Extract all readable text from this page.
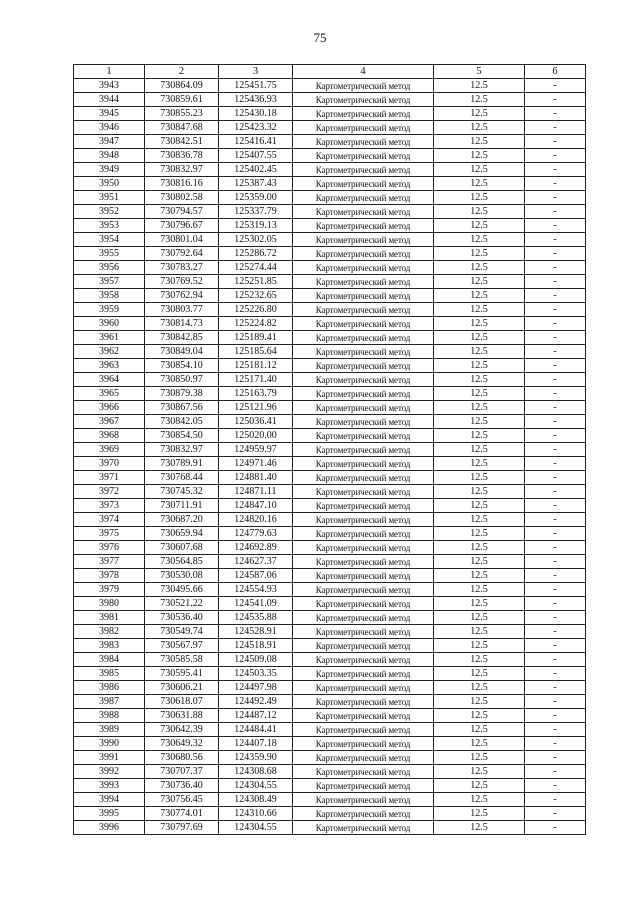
75
1	2	3	4	5	6
3943	730864.09	125451.75	Картометрический метод	12.5	-
3944	730859.61	125436.93	Картометрический метод	12.5	-
3945	730855.23	125430.18	Картометрический метод	12.5	-
3946	730847.68	125423.32	Картометрический метод	12.5	-
3947	730842.51	125416.41	Картометрический метод	12.5	-
3948	730836.78	125407.55	Картометрический метод	12.5	-
3949	730832.97	125402.45	Картометрический метод	12.5	-
3950	730816.16	125387.43	Картометрический метод	12.5	-
3951	730802.58	125359.00	Картометрический метод	12.5	-
3952	730794.57	125337.79	Картометрический метод	12.5	-
3953	730796.67	125319.13	Картометрический метод	12.5	-
3954	730801.04	125302.05	Картометрический метод	12.5	-
3955	730792.64	125286.72	Картометрический метод	12.5	-
3956	730783.27	125274.44	Картометрический метод	12.5	-
3957	730769.52	125251.85	Картометрический метод	12.5	-
3958	730762.94	125232.65	Картометрический метод	12.5	-
3959	730803.77	125226.80	Картометрический метод	12.5	-
3960	730814.73	125224.82	Картометрический метод	12.5	-
3961	730842.85	125189.41	Картометрический метод	12.5	-
3962	730849.04	125185.64	Картометрический метод	12.5	-
3963	730854.10	125181.12	Картометрический метод	12.5	-
3964	730850.97	125171.40	Картометрический метод	12.5	-
3965	730879.38	125163.79	Картометрический метод	12.5	-
3966	730867.56	125121.96	Картометрический метод	12.5	-
3967	730842.05	125036.41	Картометрический метод	12.5	-
3968	730854.50	125020.00	Картометрический метод	12.5	-
3969	730832.97	124959.97	Картометрический метод	12.5	-
3970	730789.91	124971.46	Картометрический метод	12.5	-
3971	730768.44	124881.40	Картометрический метод	12.5	-
3972	730745.32	124871.11	Картометрический метод	12.5	-
3973	730711.91	124847.10	Картометрический метод	12.5	-
3974	730687.20	124820.16	Картометрический метод	12.5	-
3975	730659.94	124779.63	Картометрический метод	12.5	-
3976	730607.68	124692.89	Картометрический метод	12.5	-
3977	730564.85	124627.37	Картометрический метод	12.5	-
3978	730530.08	124587.06	Картометрический метод	12.5	-
3979	730495.66	124554.93	Картометрический метод	12.5	-
3980	730521.22	124541.09	Картометрический метод	12.5	-
3981	730536.40	124535.88	Картометрический метод	12.5	-
3982	730549.74	124528.91	Картометрический метод	12.5	-
3983	730567.97	124518.91	Картометрический метод	12.5	-
3984	730585.58	124509.08	Картометрический метод	12.5	-
3985	730595.41	124503.35	Картометрический метод	12.5	-
3986	730606.21	124497.98	Картометрический метод	12.5	-
3987	730618.07	124492.49	Картометрический метод	12.5	-
3988	730631.88	124487.12	Картометрический метод	12.5	-
3989	730642.39	124484.41	Картометрический метод	12.5	-
3990	730649.32	124407.18	Картометрический метод	12.5	-
3991	730680.56	124359.90	Картометрический метод	12.5	-
3992	730707.37	124308.68	Картометрический метод	12.5	-
3993	730736.40	124304.55	Картометрический метод	12.5	-
3994	730756.45	124308.49	Картометрический метод	12.5	-
3995	730774.01	124310.66	Картометрический метод	12.5	-
3996	730797.69	124304.55	Картометрический метод	12.5	-
